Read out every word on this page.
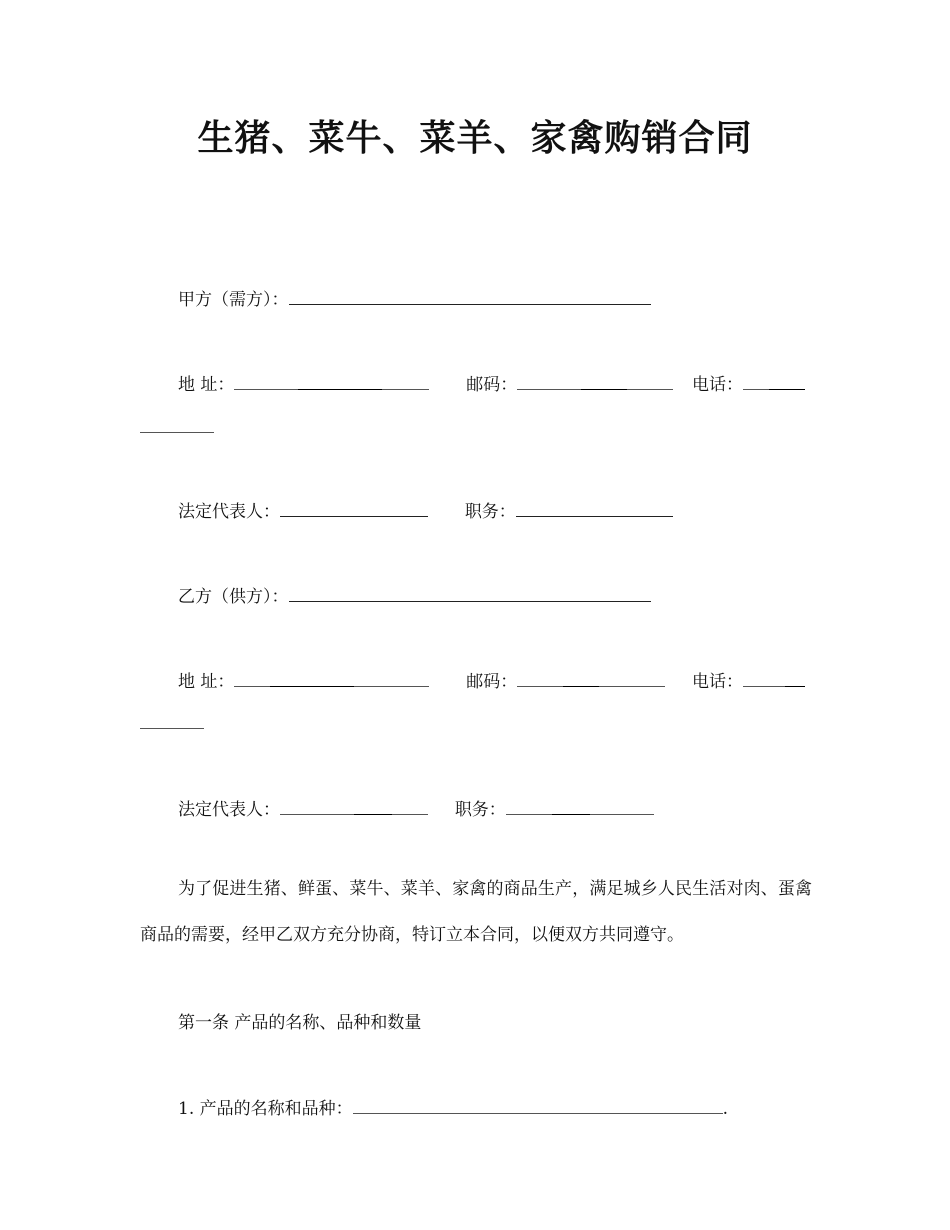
生猪、菜牛、菜羊、家禽购销合同
甲方（需方）：
地 址：	邮码：	电话：
法定代表人：	职务：
乙方（供方）：
地 址：	邮码：	电话：
法定代表人：	职务：
为了促进生猪、鲜蛋、菜牛、菜羊、家禽的商品生产，满足城乡人民生活对肉、蛋禽商品的需要，经甲乙双方充分协商，特订立本合同，以便双方共同遵守。
第一条 产品的名称、品种和数量
1. 产品的名称和品种：	.
